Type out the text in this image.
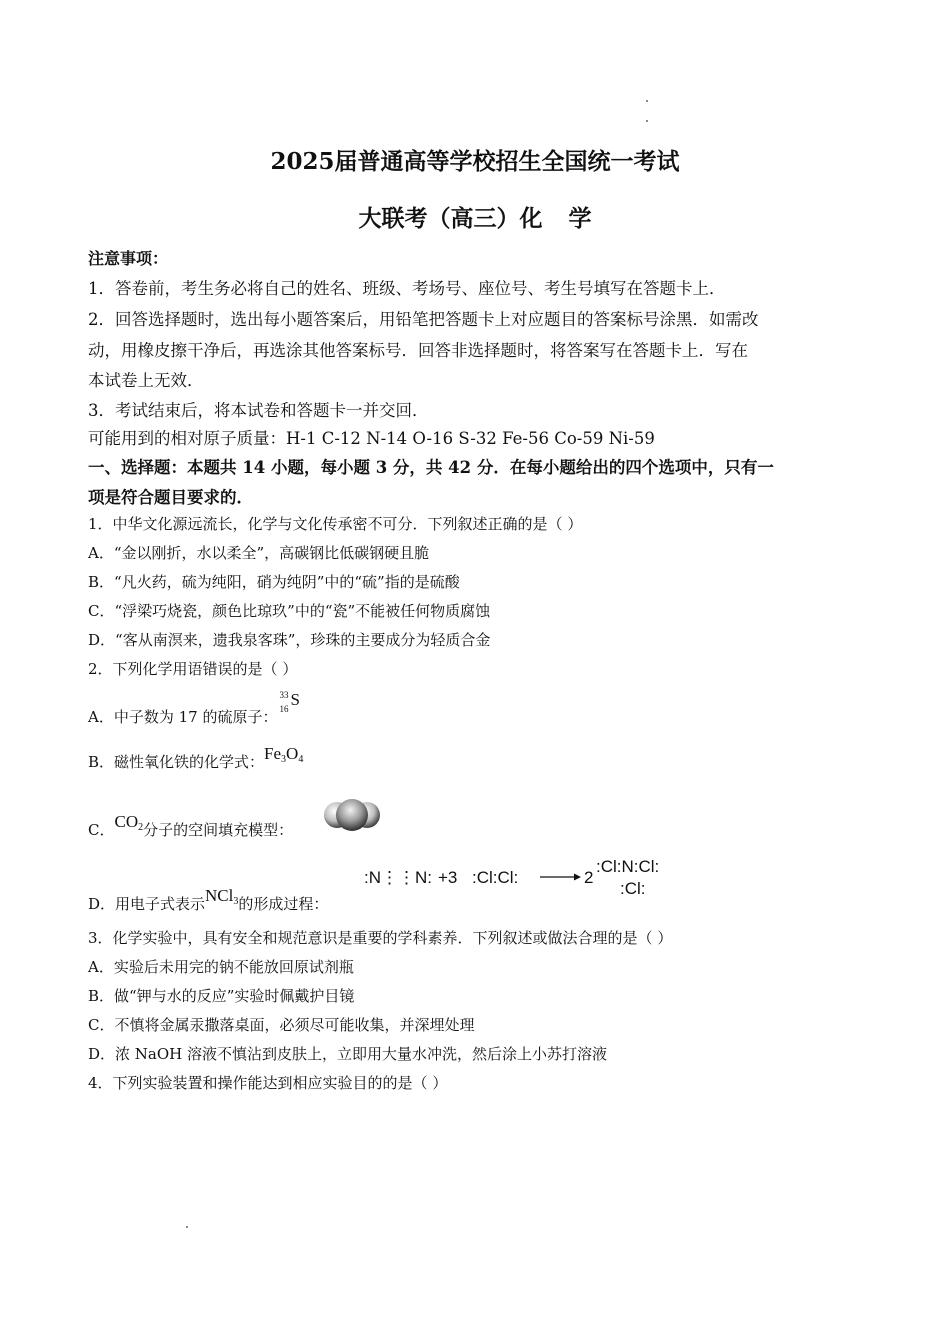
2025届普通高等学校招生全国统一考试
大联考（高三）化 学
注意事项：
1．答卷前，考生务必将自己的姓名、班级、考场号、座位号、考生号填写在答题卡上．
2．回答选择题时，选出每小题答案后，用铅笔把答题卡上对应题目的答案标号涂黑．如需改
动，用橡皮擦干净后，再选涂其他答案标号．回答非选择题时，将答案写在答题卡上．写在
本试卷上无效．
3．考试结束后，将本试卷和答题卡一并交回．
可能用到的相对原子质量：H-1 C-12 N-14 O-16 S-32 Fe-56 Co-59 Ni-59
一、选择题：本题共 14 小题，每小题 3 分，共 42 分．在每小题给出的四个选项中，只有一
项是符合题目要求的．
1．中华文化源远流长，化学与文化传承密不可分．下列叙述正确的是（ ）
A．“金以刚折，水以柔全”，高碳钢比低碳钢硬且脆
B．“凡火药，硫为纯阳，硝为纯阴”中的“硫”指的是硫酸
C．“浮梁巧烧瓷，颜色比琼玖”中的“瓷”不能被任何物质腐蚀
D．“客从南溟来，遗我泉客珠”，珍珠的主要成分为轻质合金
2．下列化学用语错误的是（ ）
A．中子数为 17 的硫原子：
33
16 S
B．磁性氧化铁的化学式：$Fe_3O_4$
C．$CO_2$分子的空间填充模型：
D．用电子式表示NCl$_3$的形成过程：
:N⋮⋮N: +3 :Cl:Cl:	2
:Cl:N:Cl:
:Cl:
3．化学实验中，具有安全和规范意识是重要的学科素养．下列叙述或做法合理的是（ ）
A．实验后未用完的钠不能放回原试剂瓶
B．做“钾与水的反应”实验时佩戴护目镜
C．不慎将金属汞撒落桌面，必须尽可能收集，并深埋处理
D．浓 NaOH 溶液不慎沾到皮肤上，立即用大量水冲洗，然后涂上小苏打溶液
4．下列实验装置和操作能达到相应实验目的的是（ ）
